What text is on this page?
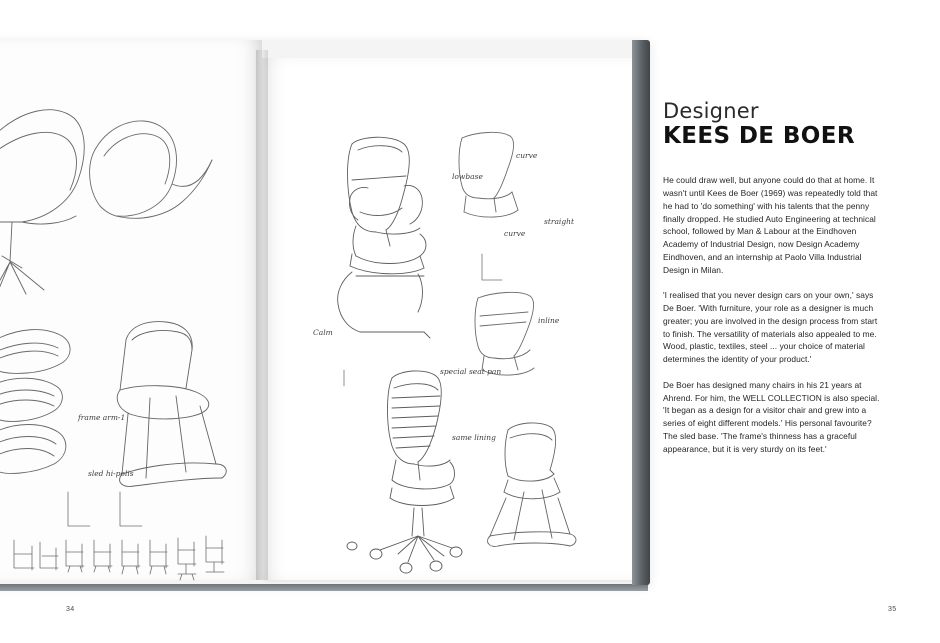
frame arm-1
sled hi-polis
lowbase
curve
straight
curve
Calm
inline
special seat pan
same lining
Designer
KEES DE BOER

He could draw well, but anyone could do that at home. It wasn't until Kees de Boer (1969) was repeatedly told that he had to 'do something' with his talents that the penny finally dropped. He studied Auto Engineering at technical school, followed by Man & Labour at the Eindhoven Academy of Industrial Design, now Design Academy Eindhoven, and an internship at Paolo Villa Industrial Design in Milan.

'I realised that you never design cars on your own,' says De Boer. 'With furniture, your role as a designer is much greater; you are involved in the design process from start to finish. The versatility of materials also appealed to me. Wood, plastic, textiles, steel ... your choice of material determines the identity of your product.'

De Boer has designed many chairs in his 21 years at Ahrend. For him, the WELL COLLECTION is also special. 'It began as a design for a visitor chair and grew into a series of eight different models.' His personal favourite? The sled base. 'The frame's thinness has a graceful appearance, but it is very sturdy on its feet.'

34	35
